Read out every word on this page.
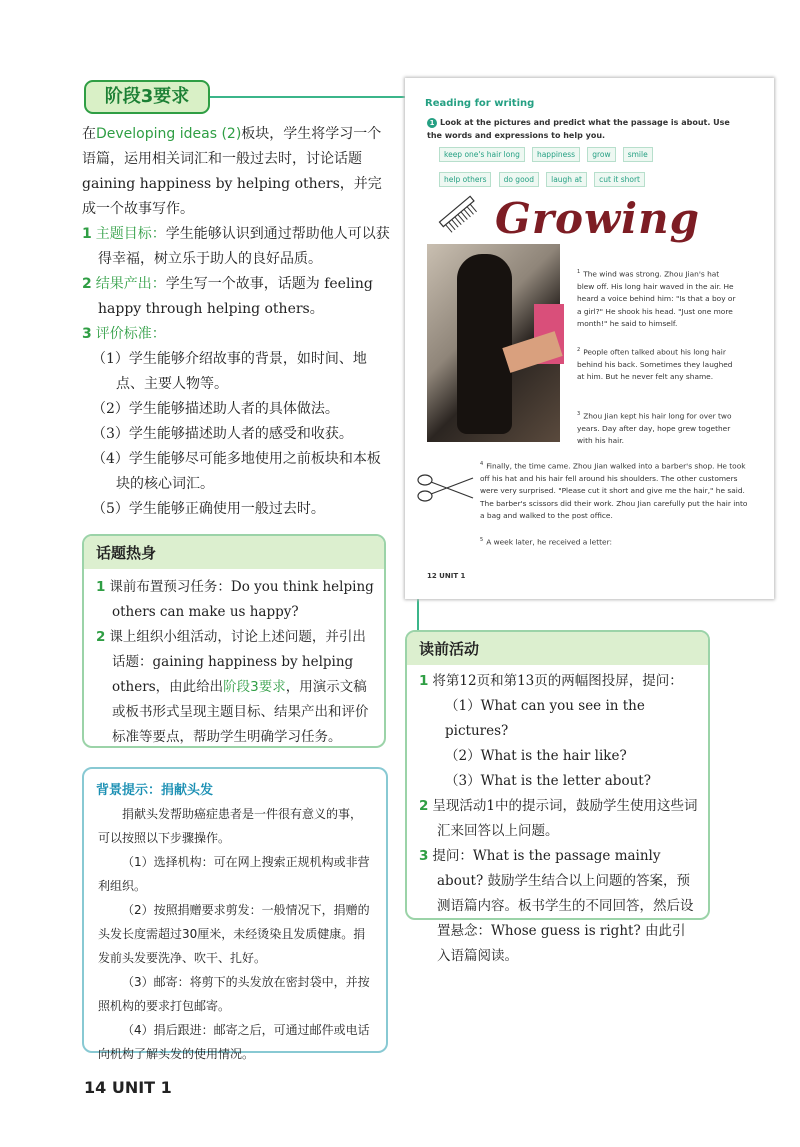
阶段3要求

在Developing ideas (2)板块，学生将学习一个语篇，运用相关词汇和一般过去时，讨论话题 gaining happiness by helping others，并完成一个故事写作。

1 主题目标：学生能够认识到通过帮助他人可以获得幸福，树立乐于助人的良好品质。

2 结果产出：学生写一个故事，话题为 feeling happy through helping others。

3 评价标准：

（1）学生能够介绍故事的背景，如时间、地点、主要人物等。

（2）学生能够描述助人者的具体做法。

（3）学生能够描述助人者的感受和收获。

（4）学生能够尽可能多地使用之前板块和本板块的核心词汇。

（5）学生能够正确使用一般过去时。

话题热身

1 课前布置预习任务：Do you think helping others can make us happy?

2 课上组织小组活动，讨论上述问题，并引出话题：gaining happiness by helping others，由此给出阶段3要求，用演示文稿或板书形式呈现主题目标、结果产出和评价标准等要点，帮助学生明确学习任务。

背景提示：捐献头发

捐献头发帮助癌症患者是一件很有意义的事，可以按照以下步骤操作。

（1）选择机构：可在网上搜索正规机构或非营利组织。

（2）按照捐赠要求剪发：一般情况下，捐赠的头发长度需超过30厘米，未经烫染且发质健康。捐发前头发要洗净、吹干、扎好。

（3）邮寄：将剪下的头发放在密封袋中，并按照机构的要求打包邮寄。

（4）捐后跟进：邮寄之后，可通过邮件或电话向机构了解头发的使用情况。

读前活动

1 将第12页和第13页的两幅图投屏，提问：

（1）What can you see in the pictures?

（2）What is the hair like?

（3）What is the letter about?

2 呈现活动1中的提示词，鼓励学生使用这些词汇来回答以上问题。

3 提问：What is the passage mainly about? 鼓励学生结合以上问题的答案，预测语篇内容。板书学生的不同回答，然后设置悬念：Whose guess is right? 由此引入语篇阅读。

Reading for writing
1 Look at the pictures and predict what the passage is about. Use the words and expressions to help you.
keep one's hair long happiness grow smile
help others do good laugh at cut it short
Growing
$^1$ The wind was strong. Zhou Jian's hat blew off. His long hair waved in the air. He heard a voice behind him: "Is that a boy or a girl?" He shook his head. "Just one more month!" he said to himself.
$^2$ People often talked about his long hair behind his back. Sometimes they laughed at him. But he never felt any shame.
$^3$ Zhou Jian kept his hair long for over two years. Day after day, hope grew together with his hair.
$^4$ Finally, the time came. Zhou Jian walked into a barber's shop. He took off his hat and his hair fell around his shoulders. The other customers were very surprised. "Please cut it short and give me the hair," he said. The barber's scissors did their work. Zhou Jian carefully put the hair into a bag and walked to the post office.
$^5$ A week later, he received a letter:
12 UNIT 1
14 UNIT 1
